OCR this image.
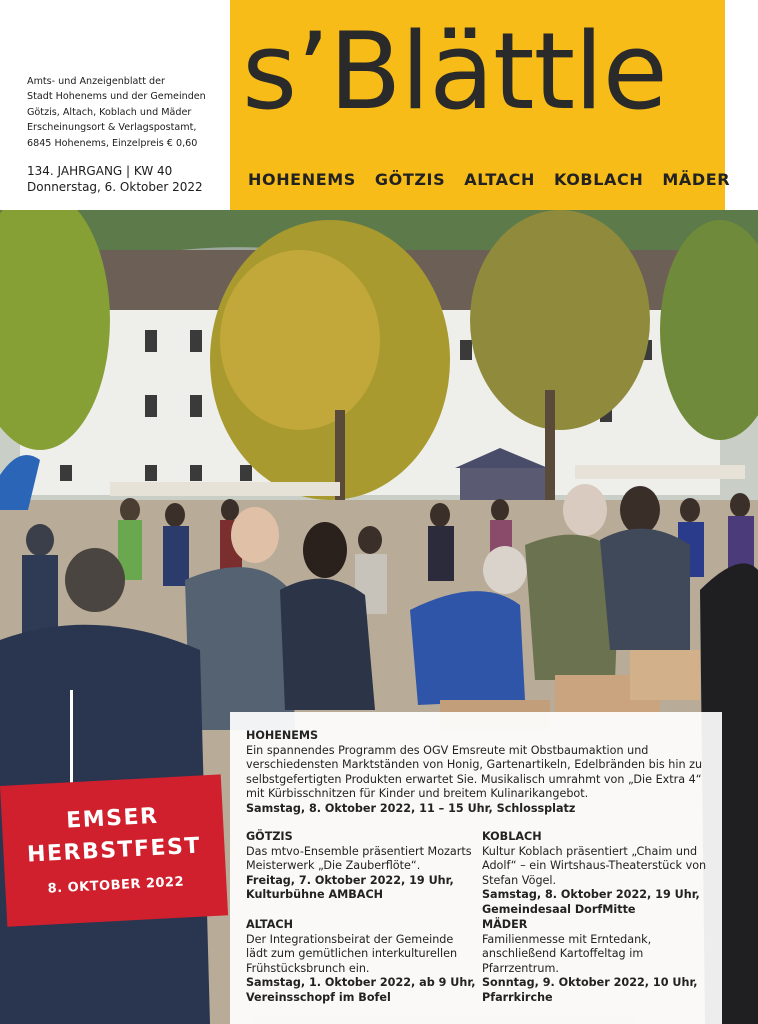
Amts- und Anzeigenblatt der
Stadt Hohenems und der Gemeinden
Götzis, Altach, Koblach und Mäder
Erscheinungsort & Verlagspostamt,
6845 Hohenems, Einzelpreis € 0,60
134. JAHRGANG | KW 40
Donnerstag, 6. Oktober 2022
s’Blättle
HOHENEMS GÖTZIS ALTACH KOBLACH MÄDER
EMSER
HERBSTFEST
8. OKTOBER 2022
HOHENEMS
Ein spannendes Programm des OGV Emsreute mit Obstbaumaktion und verschiedensten Marktständen von Honig, Gartenartikeln, Edelbränden bis hin zu selbstgefertigten Produkten erwartet Sie. Musikalisch umrahmt von „Die Extra 4“ mit Kürbisschnitzen für Kinder und breitem Kulinarikangebot.
Samstag, 8. Oktober 2022, 11 – 15 Uhr, Schlossplatz
GÖTZIS
Das mtvo-Ensemble präsentiert Mozarts Meisterwerk „Die Zauberflöte“.
Freitag, 7. Oktober 2022, 19 Uhr, Kulturbühne AMBACH
KOBLACH
Kultur Koblach präsentiert „Chaim und Adolf“ – ein Wirtshaus-Theaterstück von Stefan Vögel.
Samstag, 8. Oktober 2022, 19 Uhr, Gemeindesaal DorfMitte
ALTACH
Der Integrationsbeirat der Gemeinde lädt zum gemütlichen interkulturellen Frühstücksbrunch ein.
Samstag, 1. Oktober 2022, ab 9 Uhr, Vereinsschopf im Bofel
MÄDER
Familienmesse mit Erntedank, anschließend Kartoffeltag im Pfarrzentrum.
Sonntag, 9. Oktober 2022, 10 Uhr, Pfarrkirche
